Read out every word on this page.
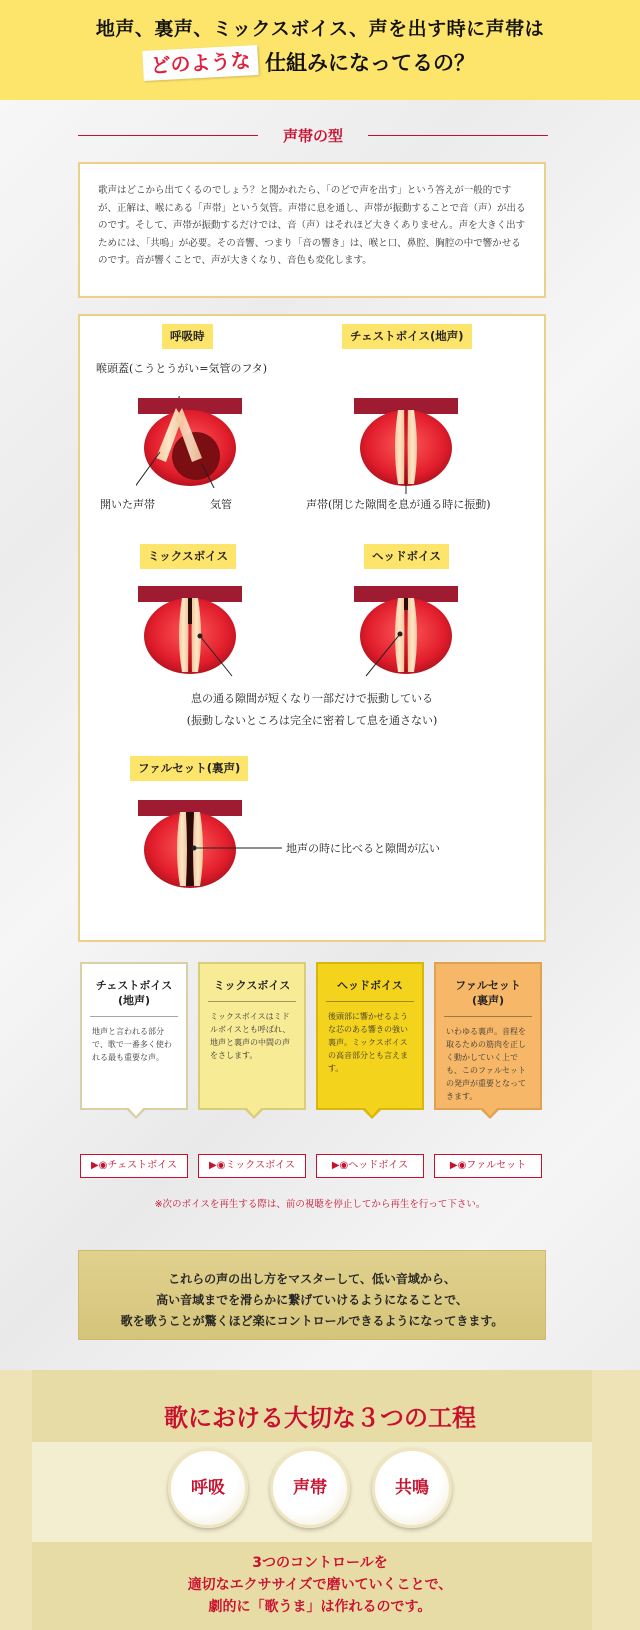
地声、裏声、ミックスボイス、声を出す時に声帯は
どのような 仕組みになってるの？
声帯の型

歌声はどこから出てくるのでしょう？と聞かれたら、「のどで声を出す」という答えが一般的ですが、正解は、喉にある「声帯」という気管。声帯に息を通し、声帯が振動することで音（声）が出るのです。そして、声帯が振動するだけでは、音（声）はそれほど大きくありません。声を大きく出すためには、「共鳴」が必要。その音響、つまり「音の響き」は、喉と口、鼻腔、胸腔の中で響かせるのです。音が響くことで、声が大きくなり、音色も変化します。

呼吸時
喉頭蓋(こうとうがい=気管のフタ)
開いた声帯	気管
チェストボイス(地声)
声帯(閉じた隙間を息が通る時に振動)
ミックスボイス	ヘッドボイス
息の通る隙間が短くなり一部だけで振動している
(振動しないところは完全に密着して息を通さない)
ファルセット(裏声)
地声の時に比べると隙間が広い
チェストボイス
(地声)
地声と言われる部分で、歌で一番多く使われる最も重要な声。
ミックスボイス
ミックスボイスはミドルボイスとも呼ばれ、地声と裏声の中間の声をさします。
ヘッドボイス
後頭部に響かせるような芯のある響きの強い裏声。ミックスボイスの高音部分とも言えます。
ファルセット
(裏声)
いわゆる裏声。音程を取るための筋肉を正しく動かしていく上でも、このファルセットの発声が重要となってきます。
▶◉チェストボイス	▶◉ミックスボイス	▶◉ヘッドボイス	▶◉ファルセット
※次のボイスを再生する際は、前の視聴を停止してから再生を行って下さい。

これらの声の出し方をマスターして、低い音域から、
高い音域までを滑らかに繋げていけるようになることで、
歌を歌うことが驚くほど楽にコントロールできるようになってきます。

歌における大切な３つの工程
呼吸	声帯	共鳴
3つのコントロールを
適切なエクササイズで磨いていくことで、
劇的に「歌うま」は作れるのです。
